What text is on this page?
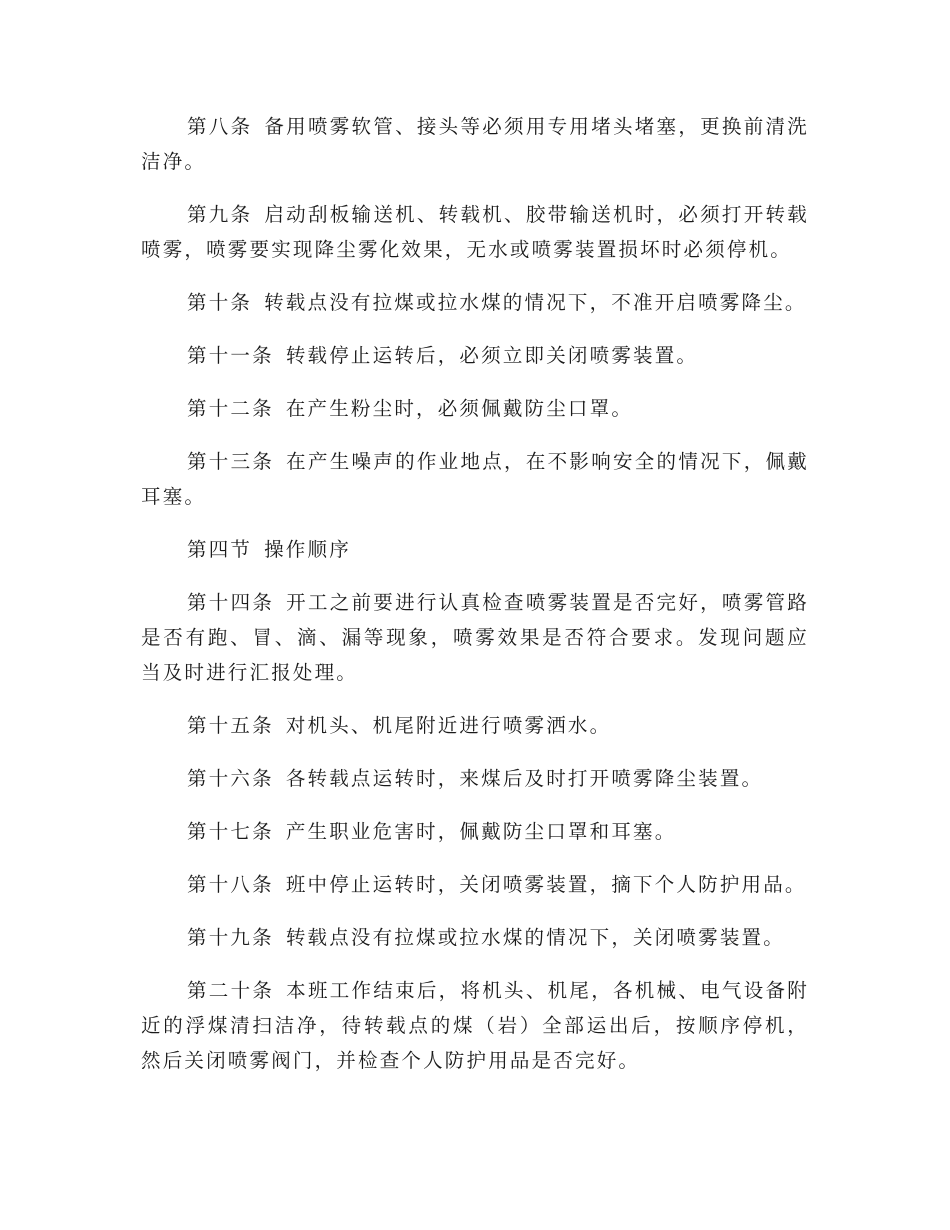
第八条 备用喷雾软管、接头等必须用专用堵头堵塞，更换前清洗洁净。

第九条 启动刮板输送机、转载机、胶带输送机时，必须打开转载喷雾，喷雾要实现降尘雾化效果，无水或喷雾装置损坏时必须停机。

第十条 转载点没有拉煤或拉水煤的情况下，不准开启喷雾降尘。

第十一条 转载停止运转后，必须立即关闭喷雾装置。

第十二条 在产生粉尘时，必须佩戴防尘口罩。

第十三条 在产生噪声的作业地点，在不影响安全的情况下，佩戴耳塞。

第四节 操作顺序

第十四条 开工之前要进行认真检查喷雾装置是否完好，喷雾管路是否有跑、冒、滴、漏等现象，喷雾效果是否符合要求。发现问题应当及时进行汇报处理。

第十五条 对机头、机尾附近进行喷雾洒水。

第十六条 各转载点运转时，来煤后及时打开喷雾降尘装置。

第十七条 产生职业危害时，佩戴防尘口罩和耳塞。

第十八条 班中停止运转时，关闭喷雾装置，摘下个人防护用品。

第十九条 转载点没有拉煤或拉水煤的情况下，关闭喷雾装置。

第二十条 本班工作结束后，将机头、机尾，各机械、电气设备附近的浮煤清扫洁净，待转载点的煤（岩）全部运出后，按顺序停机，然后关闭喷雾阀门，并检查个人防护用品是否完好。
